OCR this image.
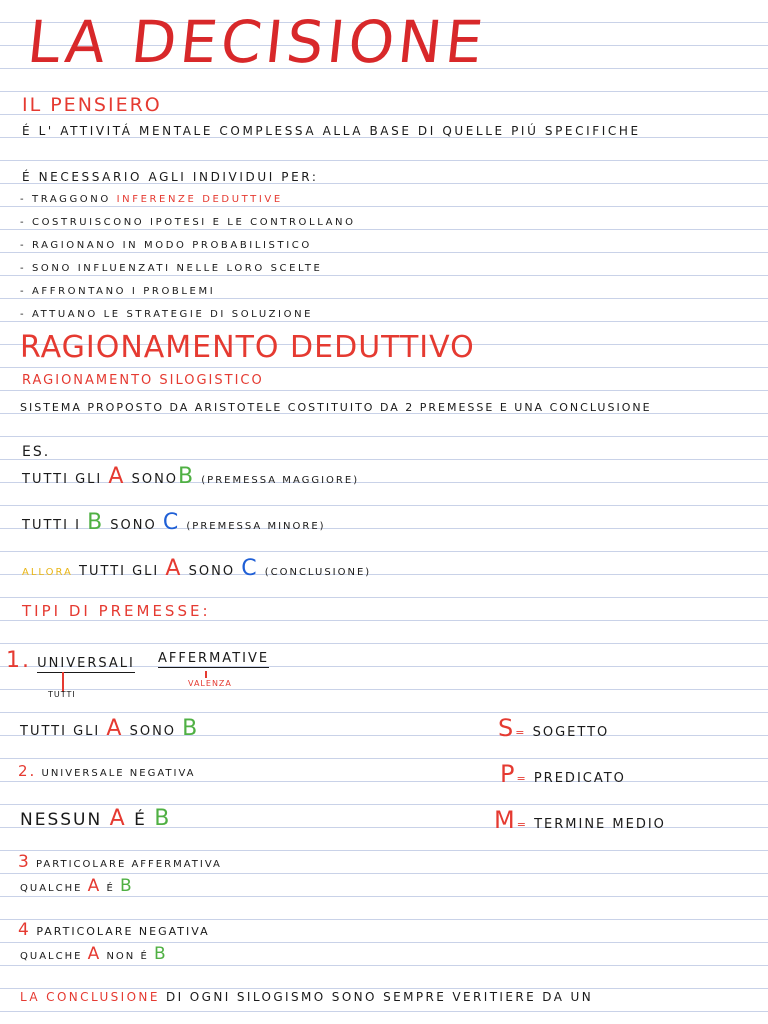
LA DECISIONE
IL PENSIERO
É L' ATTIVITÁ MENTALE COMPLESSA ALLA BASE DI QUELLE PIÚ SPECIFICHE
É NECESSARIO AGLI INDIVIDUI PER:
- TRAGGONO INFERENZE DEDUTTIVE
- COSTRUISCONO IPOTESI E LE CONTROLLANO
- RAGIONANO IN MODO PROBABILISTICO
- SONO INFLUENZATI NELLE LORO SCELTE
- AFFRONTANO I PROBLEMI
- ATTUANO LE STRATEGIE DI SOLUZIONE
RAGIONAMENTO DEDUTTIVO
RAGIONAMENTO SILOGISTICO
SISTEMA PROPOSTO DA ARISTOTELE COSTITUITO DA 2 PREMESSE E UNA CONCLUSIONE
ES.
TUTTI GLI A SONOB (PREMESSA MAGGIORE)
TUTTI I B SONO C (PREMESSA MINORE)
ALLORA TUTTI GLI A SONO C (CONCLUSIONE)
TIPI DI PREMESSE:
1. UNIVERSALI AFFERMATIVE
TUTTI
VALENZA
TUTTI GLI A SONO B
2. UNIVERSALE NEGATIVA
NESSUN A É B
3 PARTICOLARE AFFERMATIVA
QUALCHE A É B
4 PARTICOLARE NEGATIVA
QUALCHE A NON É B
S= SOGETTO
P= PREDICATO
M= TERMINE MEDIO
LA CONCLUSIONE DI OGNI SILOGISMO SONO SEMPRE VERITIERE DA UN
